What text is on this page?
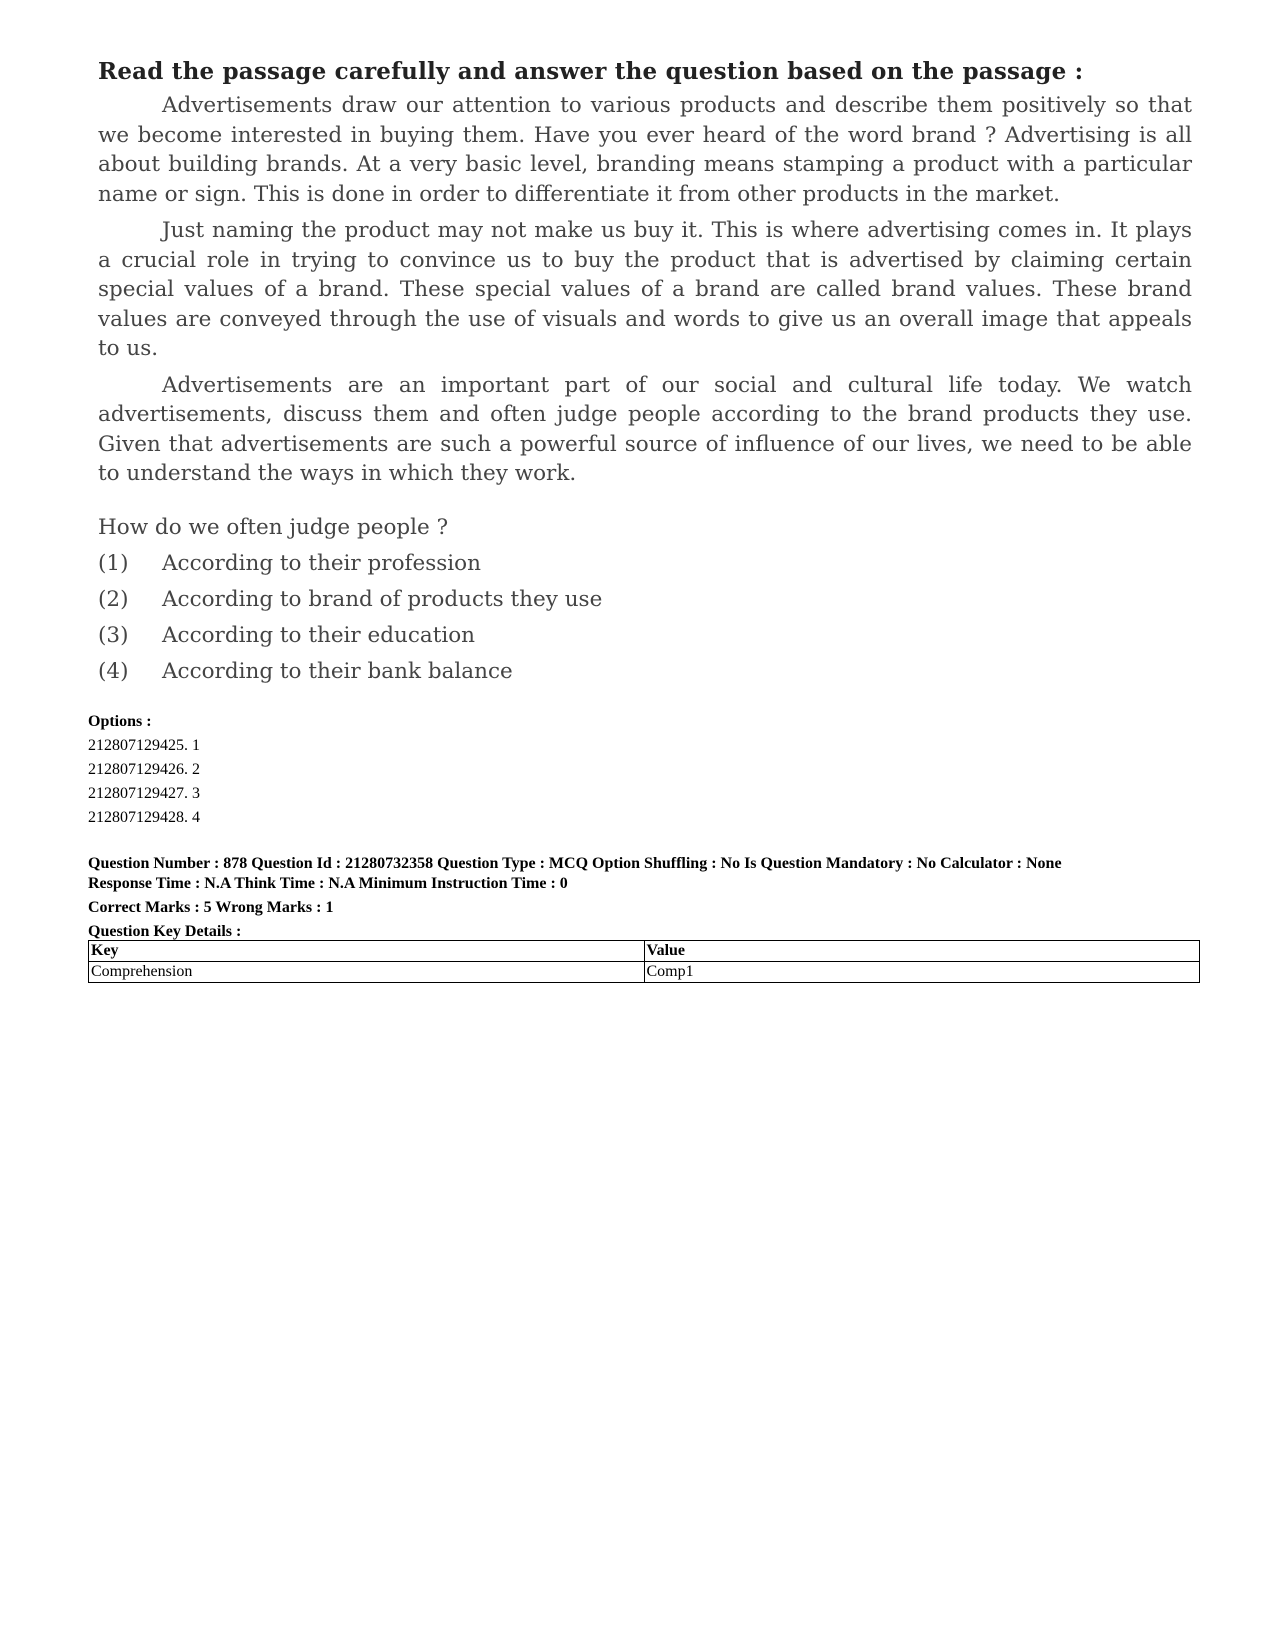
Read the passage carefully and answer the question based on the passage :

Advertisements draw our attention to various products and describe them positively so that we become interested in buying them. Have you ever heard of the word brand ? Advertising is all about building brands. At a very basic level, branding means stamping a product with a particular name or sign. This is done in order to differentiate it from other products in the market.

Just naming the product may not make us buy it. This is where advertising comes in. It plays a crucial role in trying to convince us to buy the product that is advertised by claiming certain special values of a brand. These special values of a brand are called brand values. These brand values are conveyed through the use of visuals and words to give us an overall image that appeals to us.

Advertisements are an important part of our social and cultural life today. We watch advertisements, discuss them and often judge people according to the brand products they use. Given that advertisements are such a powerful source of influence of our lives, we need to be able to understand the ways in which they work.

How do we often judge people ?
(1)	According to their profession
(2)	According to brand of products they use
(3)	According to their education
(4)	According to their bank balance
Options :
212807129425. 1
212807129426. 2
212807129427. 3
212807129428. 4
Question Number : 878 Question Id : 21280732358 Question Type : MCQ Option Shuffling : No Is Question Mandatory : No Calculator : None
Response Time : N.A Think Time : N.A Minimum Instruction Time : 0
Correct Marks : 5 Wrong Marks : 1
Question Key Details :
Key	Value
Comprehension	Comp1
